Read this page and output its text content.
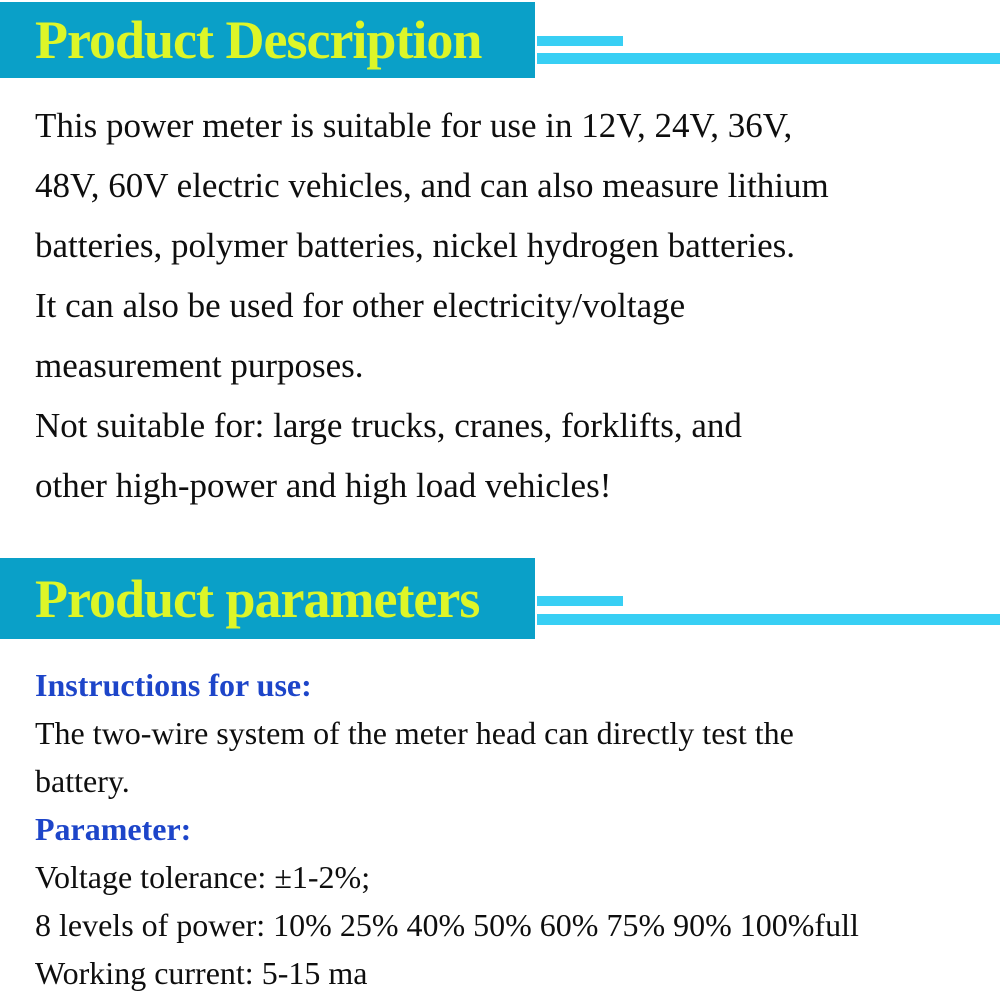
Product Description

This power meter is suitable for use in 12V, 24V, 36V,

48V, 60V electric vehicles, and can also measure lithium

batteries, polymer batteries, nickel hydrogen batteries.

It can also be used for other electricity/voltage

measurement purposes.

Not suitable for: large trucks, cranes, forklifts, and

other high-power and high load vehicles!

Product parameters

Instructions for use:

The two-wire system of the meter head can directly test the

battery.

Parameter:

Voltage tolerance: ±1-2%;

8 levels of power: 10% 25% 40% 50% 60% 75% 90% 100%full

Working current: 5-15 ma
